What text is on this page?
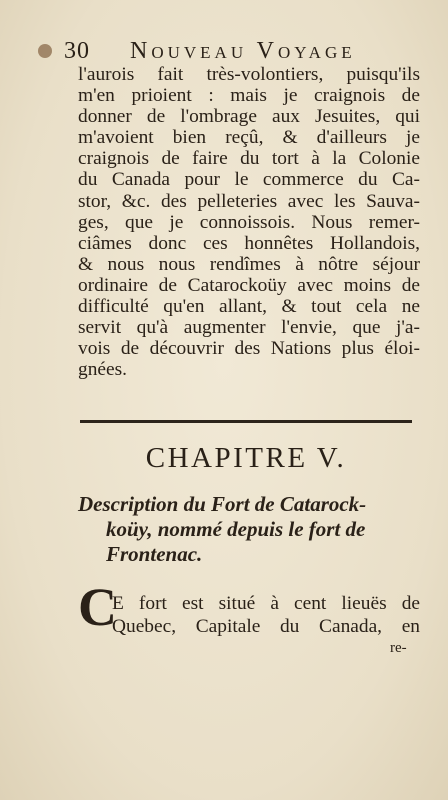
30 Nouveau Voyage
l'aurois fait très-volontiers, puisqu'ils
m'en prioient : mais je craignois de
donner de l'ombrage aux Jesuites, qui
m'avoient bien reçû, & d'ailleurs je
craignois de faire du tort à la Colonie
du Canada pour le commerce du Ca-
stor, &c. des pelleteries avec les Sauva-
ges, que je connoissois. Nous remer-
ciâmes donc ces honnêtes Hollandois,
& nous nous rendîmes à nôtre séjour
ordinaire de Catarockoüy avec moins de
difficulté qu'en allant, & tout cela ne
servit qu'à augmenter l'envie, que j'a-
vois de découvrir des Nations plus éloi-
gnées.
CHAPITRE V.
Description du Fort de Catarock-
koüy, nommé depuis le fort de
Frontenac.
C
E fort est situé à cent lieuës de
Quebec, Capitale du Canada, en
re-
